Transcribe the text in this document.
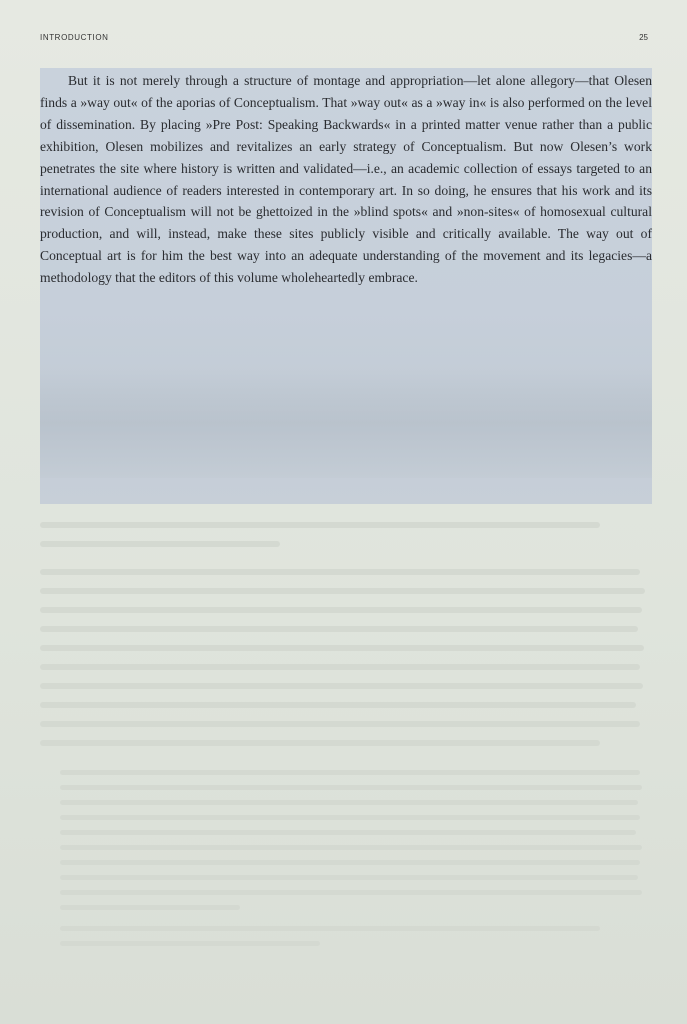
INTRODUCTION	25

But it is not merely through a structure of montage and appropriation—let alone allegory—that Olesen finds a »way out« of the aporias of Conceptualism. That »way out« as a »way in« is also performed on the level of dissemination. By placing »Pre Post: Speaking Backwards« in a printed matter venue rather than a public exhibition, Olesen mobilizes and revitalizes an early strategy of Conceptualism. But now Olesen’s work penetrates the site where history is written and validated—i.e., an academic collection of essays targeted to an international audience of readers interested in contemporary art. In so doing, he ensures that his work and its revision of Conceptualism will not be ghettoized in the »blind spots« and »non-sites« of homosexual cultural production, and will, instead, make these sites publicly visible and critically available. The way out of Conceptual art is for him the best way into an adequate understanding of the movement and its legacies—a methodology that the editors of this volume wholeheartedly embrace.
